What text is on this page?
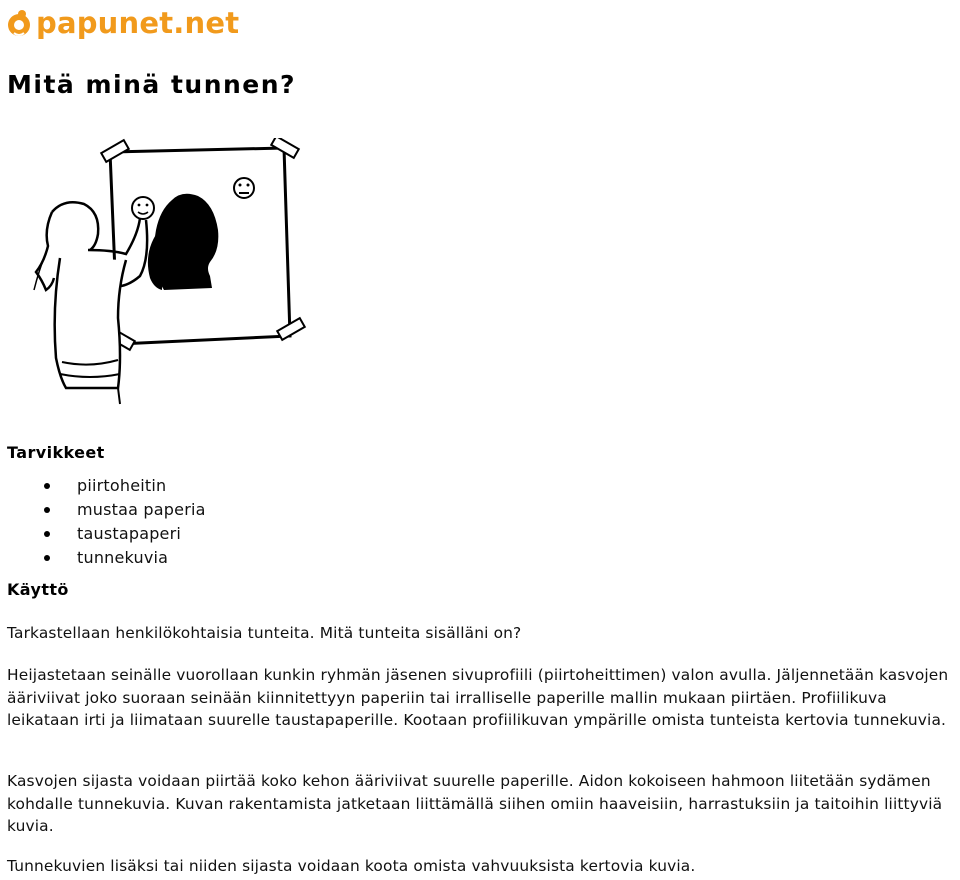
papunet.net
Mitä minä tunnen?
Tarvikkeet
piirtoheitin
mustaa paperia
taustapaperi
tunnekuvia
Käyttö

Tarkastellaan henkilökohtaisia tunteita. Mitä tunteita sisälläni on?

Heijastetaan seinälle vuorollaan kunkin ryhmän jäsenen sivuprofiili (piirtoheittimen) valon avulla. Jäljennetään kasvojen ääriviivat joko suoraan seinään kiinnitettyyn paperiin tai irralliselle paperille mallin mukaan piirtäen. Profiilikuva leikataan irti ja liimataan suurelle taustapaperille. Kootaan profiilikuvan ympärille omista tunteista kertovia tunnekuvia.

Kasvojen sijasta voidaan piirtää koko kehon ääriviivat suurelle paperille. Aidon kokoiseen hahmoon liitetään sydämen kohdalle tunnekuvia. Kuvan rakentamista jatketaan liittämällä siihen omiin haaveisiin, harrastuksiin ja taitoihin liittyviä kuvia.

Tunnekuvien lisäksi tai niiden sijasta voidaan koota omista vahvuuksista kertovia kuvia.
